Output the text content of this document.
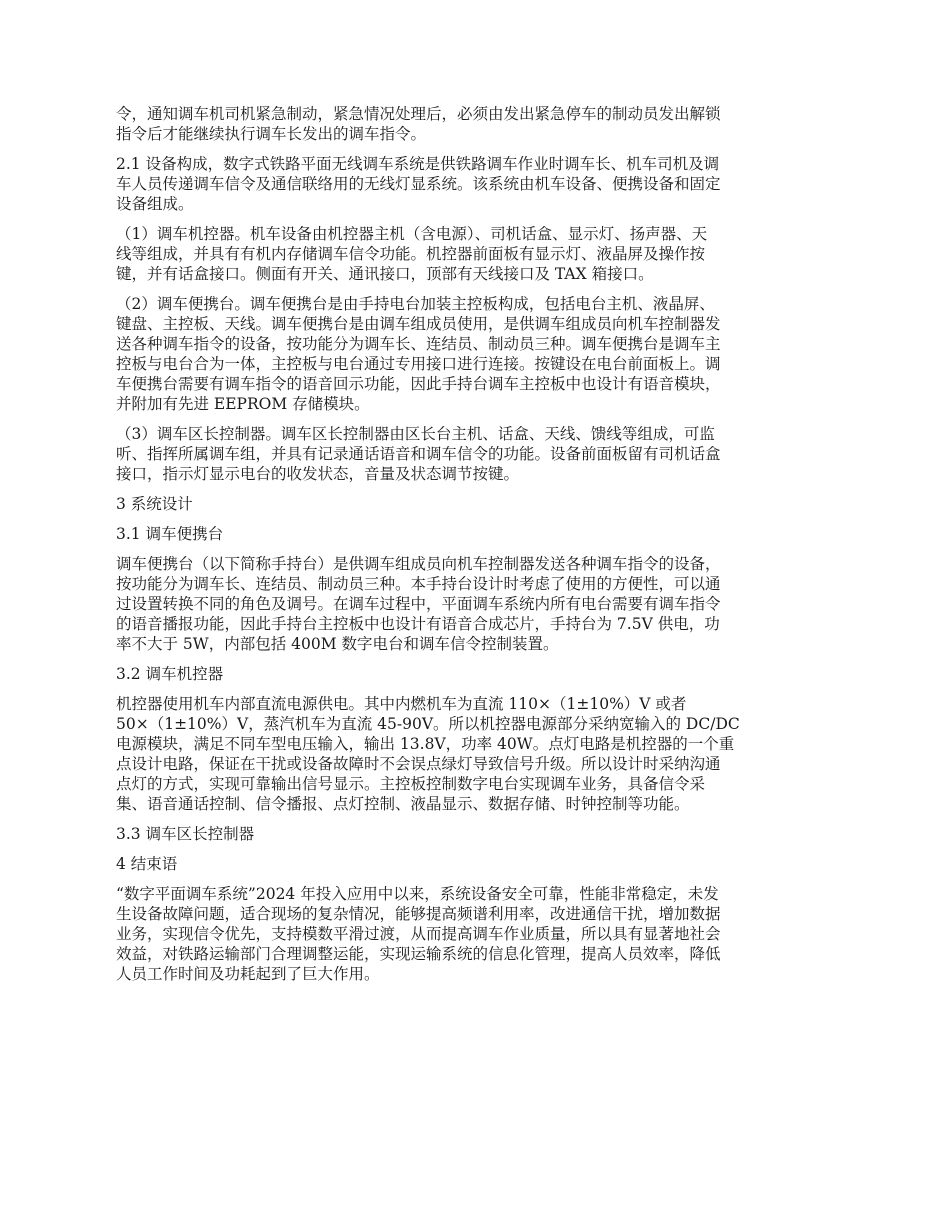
令，通知调车机司机紧急制动，紧急情况处理后，必须由发出紧急停车的制动员发出解锁
指令后才能继续执行调车长发出的调车指令。
2.1 设备构成，数字式铁路平面无线调车系统是供铁路调车作业时调车长、机车司机及调
车人员传递调车信令及通信联络用的无线灯显系统。该系统由机车设备、便携设备和固定
设备组成。
（1）调车机控器。机车设备由机控器主机（含电源）、司机话盒、显示灯、扬声器、天
线等组成，并具有有机内存储调车信令功能。机控器前面板有显示灯、液晶屏及操作按
键，并有话盒接口。侧面有开关、通讯接口，顶部有天线接口及 TAX 箱接口。
（2）调车便携台。调车便携台是由手持电台加装主控板构成，包括电台主机、液晶屏、
键盘、主控板、天线。调车便携台是由调车组成员使用，是供调车组成员向机车控制器发
送各种调车指令的设备，按功能分为调车长、连结员、制动员三种。调车便携台是调车主
控板与电台合为一体，主控板与电台通过专用接口进行连接。按键设在电台前面板上。调
车便携台需要有调车指令的语音回示功能，因此手持台调车主控板中也设计有语音模块，
并附加有先进 EEPROM 存储模块。
（3）调车区长控制器。调车区长控制器由区长台主机、话盒、天线、馈线等组成，可监
听、指挥所属调车组，并具有记录通话语音和调车信令的功能。设备前面板留有司机话盒
接口，指示灯显示电台的收发状态，音量及状态调节按键。
3 系统设计
3.1 调车便携台
调车便携台（以下简称手持台）是供调车组成员向机车控制器发送各种调车指令的设备，
按功能分为调车长、连结员、制动员三种。本手持台设计时考虑了使用的方便性，可以通
过设置转换不同的角色及调号。在调车过程中，平面调车系统内所有电台需要有调车指令
的语音播报功能，因此手持台主控板中也设计有语音合成芯片，手持台为 7.5V 供电，功
率不大于 5W，内部包括 400M 数字电台和调车信令控制装置。
3.2 调车机控器
机控器使用机车内部直流电源供电。其中内燃机车为直流 110×（1±10%）V 或者
50×（1±10%）V，蒸汽机车为直流 45-90V。所以机控器电源部分采纳宽输入的 DC/DC
电源模块，满足不同车型电压输入，输出 13.8V，功率 40W。点灯电路是机控器的一个重
点设计电路，保证在干扰或设备故障时不会误点绿灯导致信号升级。所以设计时采纳沟通
点灯的方式，实现可靠输出信号显示。主控板控制数字电台实现调车业务，具备信令采
集、语音通话控制、信令播报、点灯控制、液晶显示、数据存储、时钟控制等功能。
3.3 调车区长控制器
4 结束语
“数字平面调车系统”2024 年投入应用中以来，系统设备安全可靠，性能非常稳定，未发
生设备故障问题，适合现场的复杂情况，能够提高频谱利用率，改进通信干扰，增加数据
业务，实现信令优先，支持模数平滑过渡，从而提高调车作业质量，所以具有显著地社会
效益，对铁路运输部门合理调整运能，实现运输系统的信息化管理，提高人员效率，降低
人员工作时间及功耗起到了巨大作用。
